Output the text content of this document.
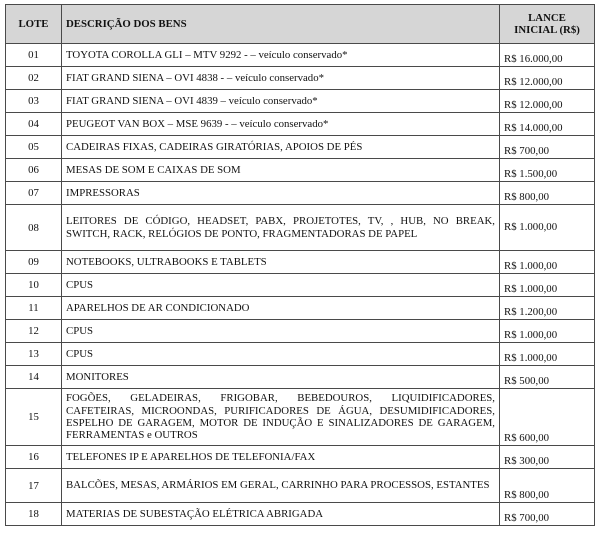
LOTE	DESCRIÇÃO DOS BENS	LANCE
INICIAL (R$)
01	TOYOTA COROLLA GLI – MTV 9292 - – veículo conservado*	R$ 16.000,00
02	FIAT GRAND SIENA – OVI 4838 - – veículo conservado*	R$ 12.000,00
03	FIAT GRAND SIENA – OVI 4839 – veículo conservado*	R$ 12.000,00
04	PEUGEOT VAN BOX – MSE 9639 - – veículo conservado*	R$ 14.000,00
05	CADEIRAS FIXAS, CADEIRAS GIRATÓRIAS, APOIOS DE PÉS	R$ 700,00
06	MESAS DE SOM E CAIXAS DE SOM	R$ 1.500,00
07	IMPRESSORAS	R$ 800,00
08	LEITORES DE CÓDIGO, HEADSET, PABX, PROJETOTES, TV, , HUB, NO BREAK, SWITCH, RACK, RELÓGIOS DE PONTO, FRAGMENTADORAS DE PAPEL	R$ 1.000,00
09	NOTEBOOKS, ULTRABOOKS E TABLETS	R$ 1.000,00
10	CPUS	R$ 1.000,00
11	APARELHOS DE AR CONDICIONADO	R$ 1.200,00
12	CPUS	R$ 1.000,00
13	CPUS	R$ 1.000,00
14	MONITORES	R$ 500,00
15	FOGÕES, GELADEIRAS, FRIGOBAR, BEBEDOUROS, LIQUIDIFICADORES, CAFETEIRAS, MICROONDAS, PURIFICADORES DE ÁGUA, DESUMIDIFICADORES, ESPELHO DE GARAGEM, MOTOR DE INDUÇÃO E SINALIZADORES DE GARAGEM, FERRAMENTAS e OUTROS	R$ 600,00
16	TELEFONES IP E APARELHOS DE TELEFONIA/FAX	R$ 300,00
17	BALCÕES, MESAS, ARMÁRIOS EM GERAL, CARRINHO PARA PROCESSOS, ESTANTES	R$ 800,00
18	MATERIAS DE SUBESTAÇÃO ELÉTRICA ABRIGADA	R$ 700,00
